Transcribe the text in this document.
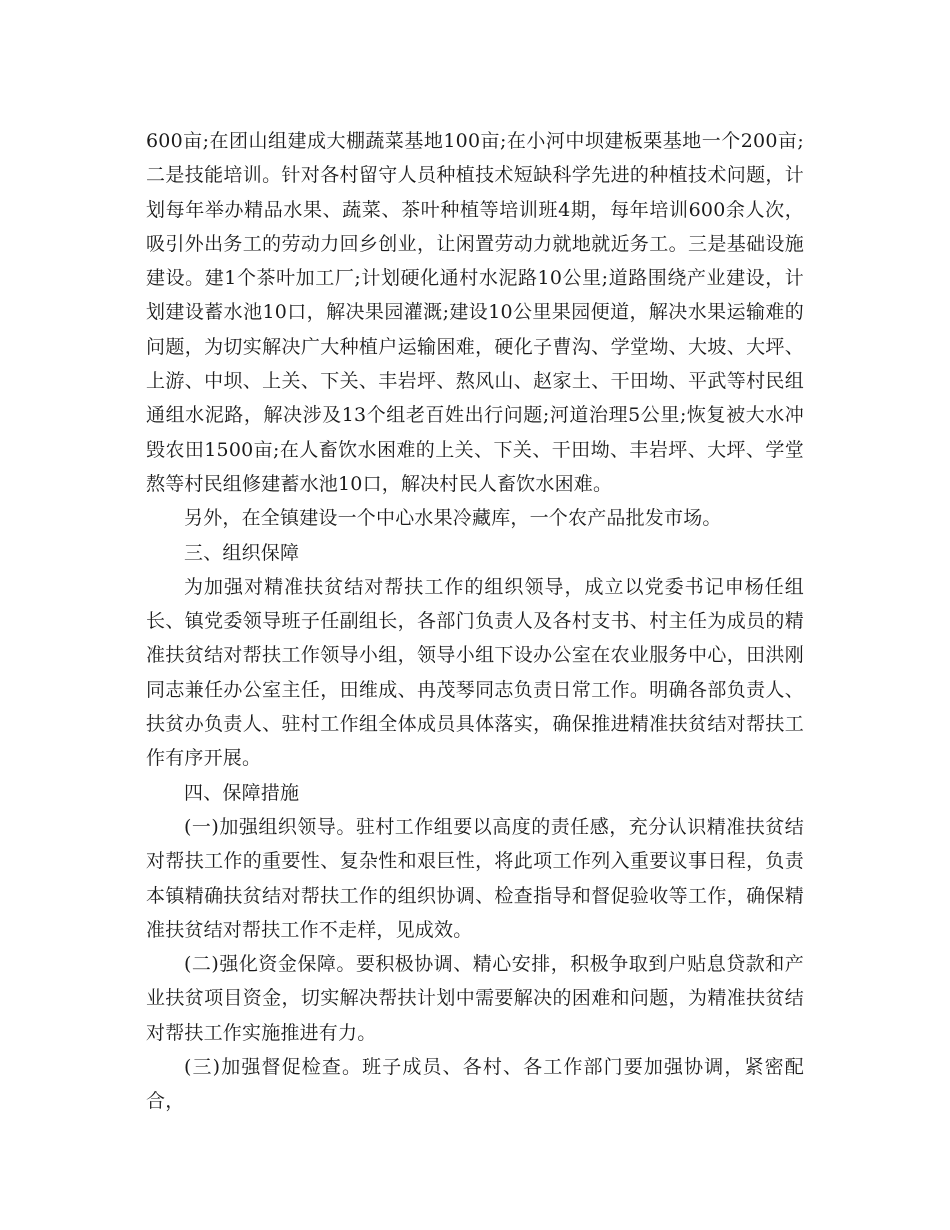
600亩;在团山组建成大棚蔬菜基地100亩;在小河中坝建板栗基地一个200亩;二是技能培训。针对各村留守人员种植技术短缺科学先进的种植技术问题，计划每年举办精品水果、蔬菜、茶叶种植等培训班4期，每年培训600余人次，吸引外出务工的劳动力回乡创业，让闲置劳动力就地就近务工。三是基础设施建设。建1个茶叶加工厂;计划硬化通村水泥路10公里;道路围绕产业建设，计划建设蓄水池10口，解决果园灌溉;建设10公里果园便道，解决水果运输难的问题，为切实解决广大种植户运输困难，硬化子曹沟、学堂坳、大坡、大坪、上游、中坝、上关、下关、丰岩坪、熬风山、赵家土、干田坳、平武等村民组通组水泥路，解决涉及13个组老百姓出行问题;河道治理5公里;恢复被大水冲毁农田1500亩;在人畜饮水困难的上关、下关、干田坳、丰岩坪、大坪、学堂熬等村民组修建蓄水池10口，解决村民人畜饮水困难。

另外，在全镇建设一个中心水果冷藏库，一个农产品批发市场。

三、组织保障

为加强对精准扶贫结对帮扶工作的组织领导，成立以党委书记申杨任组长、镇党委领导班子任副组长，各部门负责人及各村支书、村主任为成员的精准扶贫结对帮扶工作领导小组，领导小组下设办公室在农业服务中心，田洪刚同志兼任办公室主任，田维成、冉茂琴同志负责日常工作。明确各部负责人、扶贫办负责人、驻村工作组全体成员具体落实，确保推进精准扶贫结对帮扶工作有序开展。

四、保障措施

(一)加强组织领导。驻村工作组要以高度的责任感，充分认识精准扶贫结对帮扶工作的重要性、复杂性和艰巨性，将此项工作列入重要议事日程，负责本镇精确扶贫结对帮扶工作的组织协调、检查指导和督促验收等工作，确保精准扶贫结对帮扶工作不走样，见成效。

(二)强化资金保障。要积极协调、精心安排，积极争取到户贴息贷款和产业扶贫项目资金，切实解决帮扶计划中需要解决的困难和问题，为精准扶贫结对帮扶工作实施推进有力。

(三)加强督促检查。班子成员、各村、各工作部门要加强协调，紧密配合，
